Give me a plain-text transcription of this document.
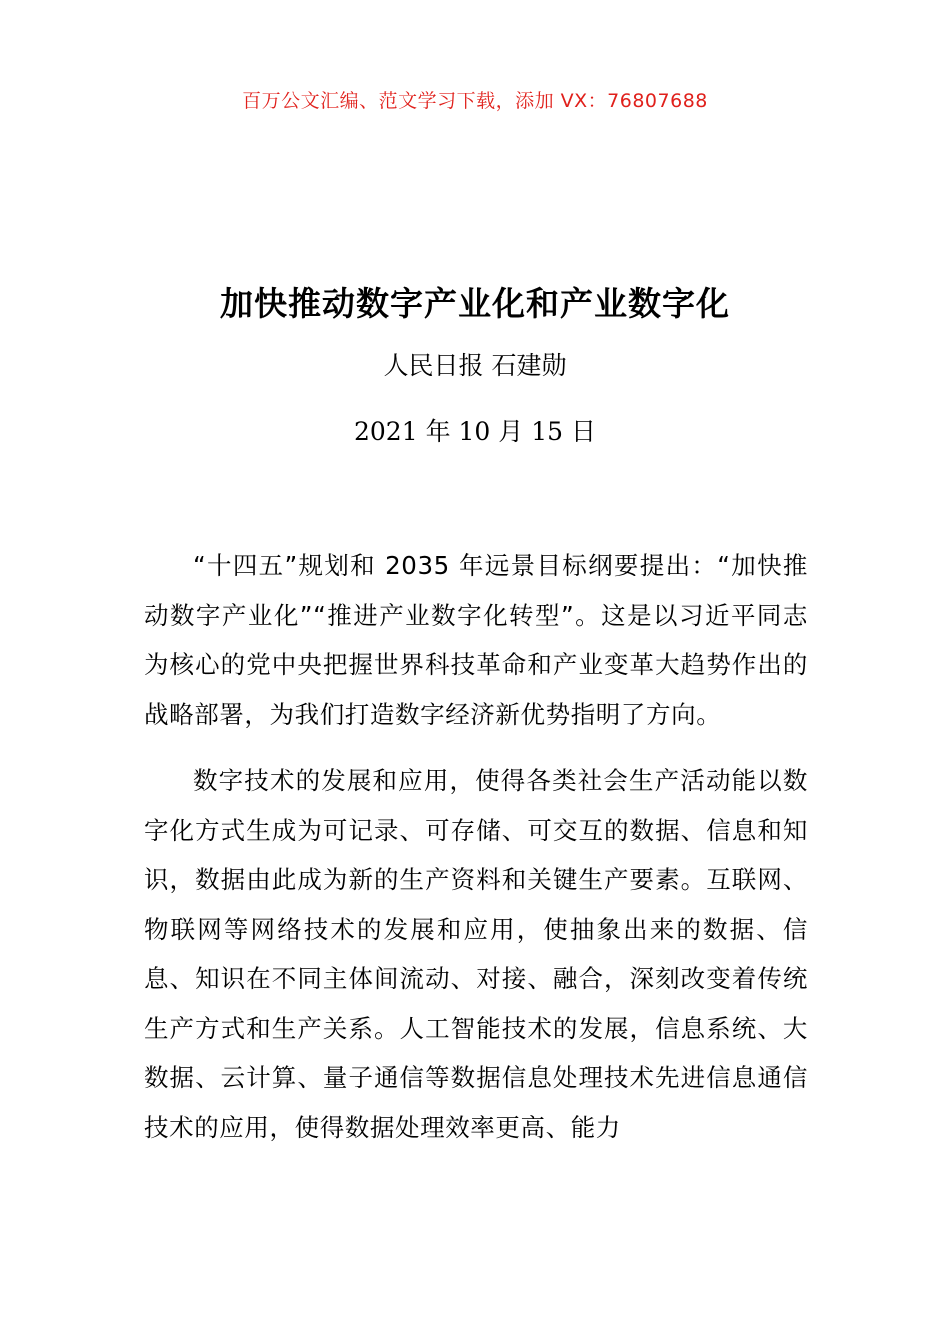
百万公文汇编、范文学习下载，添加 VX：76807688
加快推动数字产业化和产业数字化
人民日报 石建勋
2021 年 10 月 15 日

“十四五”规划和 2035 年远景目标纲要提出：“加快推动数字产业化”“推进产业数字化转型”。这是以习近平同志为核心的党中央把握世界科技革命和产业变革大趋势作出的战略部署，为我们打造数字经济新优势指明了方向。

数字技术的发展和应用，使得各类社会生产活动能以数字化方式生成为可记录、可存储、可交互的数据、信息和知识，数据由此成为新的生产资料和关键生产要素。互联网、物联网等网络技术的发展和应用，使抽象出来的数据、信息、知识在不同主体间流动、对接、融合，深刻改变着传统生产方式和生产关系。人工智能技术的发展，信息系统、大数据、云计算、量子通信等数据信息处理技术先进信息通信技术的应用，使得数据处理效率更高、能力
